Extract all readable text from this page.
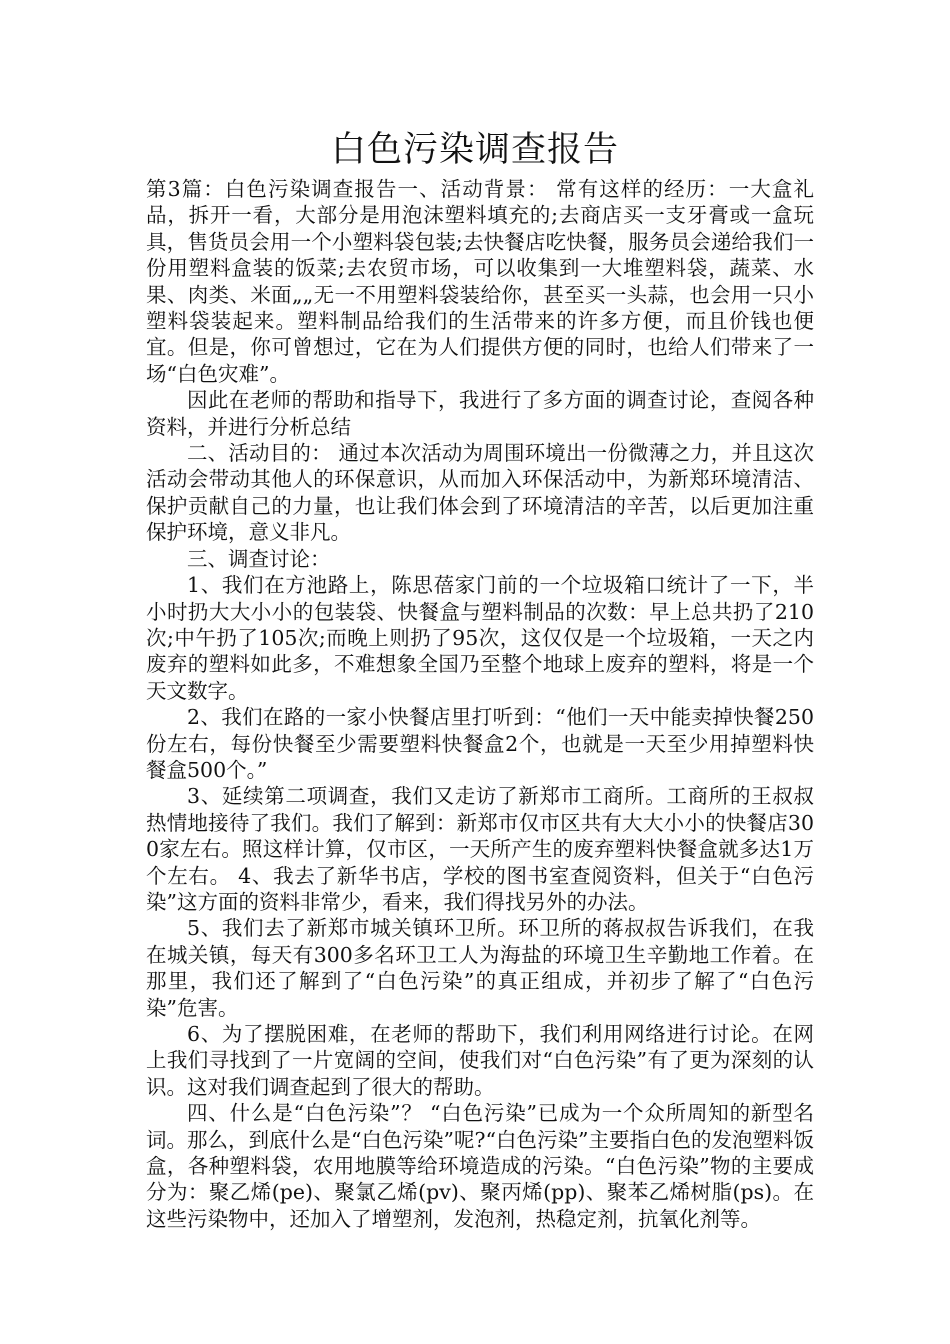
白色污染调查报告

第3篇：白色污染调查报告一、活动背景： 常有这样的经历：一大盒礼品，拆开一看，大部分是用泡沫塑料填充的;去商店买一支牙膏或一盒玩具，售货员会用一个小塑料袋包装;去快餐店吃快餐，服务员会递给我们一份用塑料盒装的饭菜;去农贸市场，可以收集到一大堆塑料袋，蔬菜、水果、肉类、米面„„无一不用塑料袋装给你，甚至买一头蒜，也会用一只小塑料袋装起来。塑料制品给我们的生活带来的许多方便，而且价钱也便宜。但是，你可曾想过，它在为人们提供方便的同时，也给人们带来了一场“白色灾难”。

因此在老师的帮助和指导下，我进行了多方面的调查讨论，查阅各种资料，并进行分析总结

二、活动目的： 通过本次活动为周围环境出一份微薄之力，并且这次活动会带动其他人的环保意识，从而加入环保活动中，为新郑环境清洁、保护贡献自己的力量，也让我们体会到了环境清洁的辛苦，以后更加注重保护环境，意义非凡。

三、调查讨论：

1、我们在方池路上，陈思蓓家门前的一个垃圾箱口统计了一下，半小时扔大大小小的包装袋、快餐盒与塑料制品的次数：早上总共扔了210次;中午扔了105次;而晚上则扔了95次，这仅仅是一个垃圾箱，一天之内废弃的塑料如此多，不难想象全国乃至整个地球上废弃的塑料，将是一个天文数字。

2、我们在路的一家小快餐店里打听到：“他们一天中能卖掉快餐250份左右，每份快餐至少需要塑料快餐盒2个，也就是一天至少用掉塑料快餐盒500个。”

3、延续第二项调查，我们又走访了新郑市工商所。工商所的王叔叔热情地接待了我们。我们了解到：新郑市仅市区共有大大小小的快餐店300家左右。照这样计算，仅市区，一天所产生的废弃塑料快餐盒就多达1万个左右。 4、我去了新华书店，学校的图书室查阅资料，但关于“白色污染”这方面的资料非常少，看来，我们得找另外的办法。

5、我们去了新郑市城关镇环卫所。环卫所的蒋叔叔告诉我们，在我在城关镇，每天有300多名环卫工人为海盐的环境卫生辛勤地工作着。在那里，我们还了解到了“白色污染”的真正组成，并初步了解了“白色污染”危害。

6、为了摆脱困难，在老师的帮助下，我们利用网络进行讨论。在网上我们寻找到了一片宽阔的空间，使我们对“白色污染”有了更为深刻的认识。这对我们调查起到了很大的帮助。

四、什么是“白色污染”？ “白色污染”已成为一个众所周知的新型名词。那么，到底什么是“白色污染”呢?“白色污染”主要指白色的发泡塑料饭盒，各种塑料袋，农用地膜等给环境造成的污染。“白色污染”物的主要成分为：聚乙烯(pe)、聚氯乙烯(pv)、聚丙烯(pp)、聚苯乙烯树脂(ps)。在这些污染物中，还加入了增塑剂，发泡剂，热稳定剂，抗氧化剂等。
